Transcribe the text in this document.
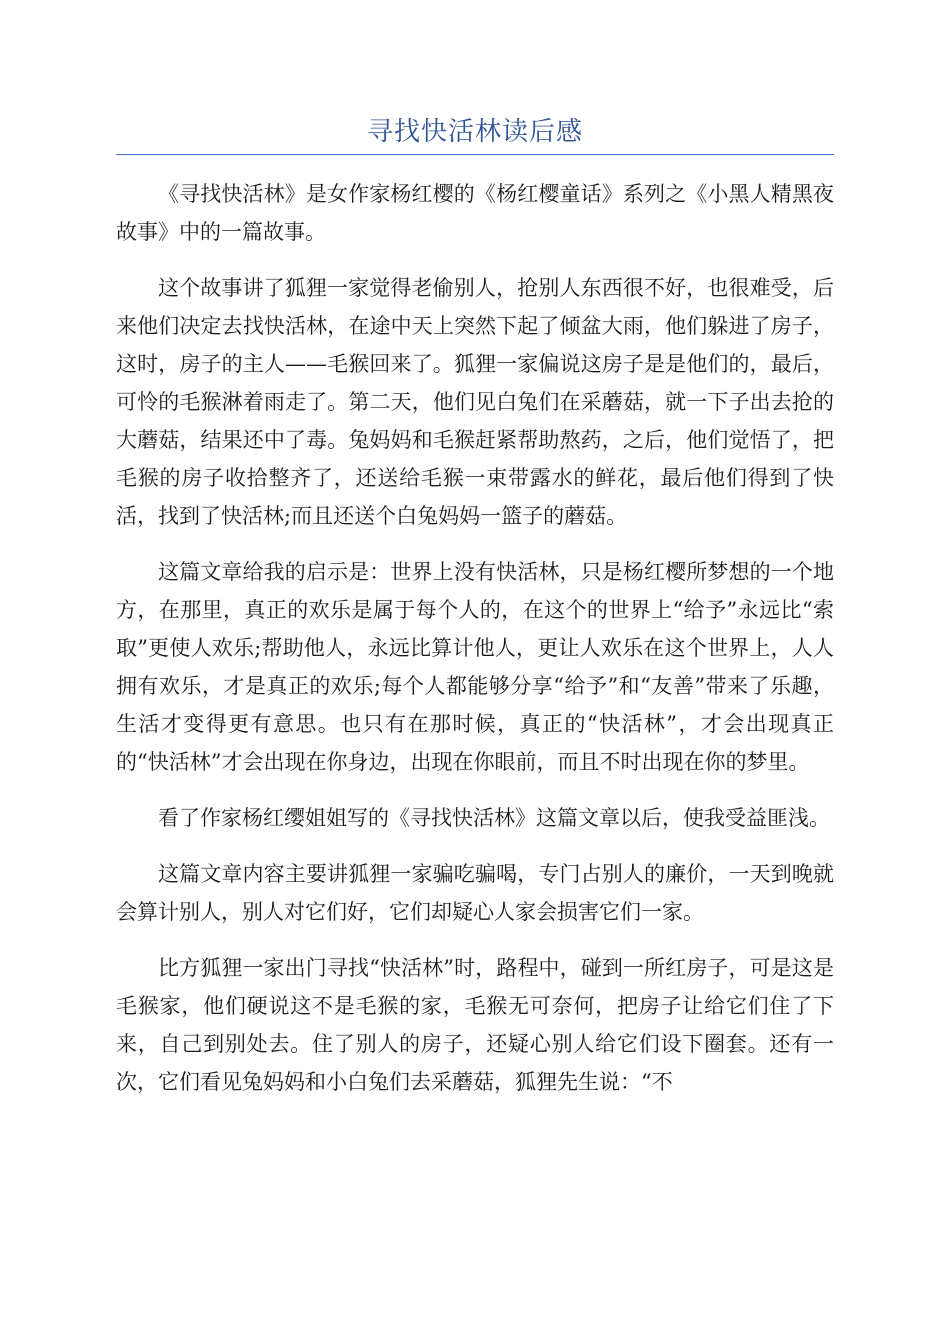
寻找快活林读后感

《寻找快活林》是女作家杨红樱的《杨红樱童话》系列之《小黑人精黑夜故事》中的一篇故事。

这个故事讲了狐狸一家觉得老偷别人，抢别人东西很不好，也很难受，后来他们决定去找快活林，在途中天上突然下起了倾盆大雨，他们躲进了房子，这时，房子的主人——毛猴回来了。狐狸一家偏说这房子是是他们的，最后，可怜的毛猴淋着雨走了。第二天，他们见白兔们在采蘑菇，就一下子出去抢的大蘑菇，结果还中了毒。兔妈妈和毛猴赶紧帮助熬药，之后，他们觉悟了，把毛猴的房子收拾整齐了，还送给毛猴一束带露水的鲜花，最后他们得到了快活，找到了快活林;而且还送个白兔妈妈一篮子的蘑菇。

这篇文章给我的启示是：世界上没有快活林，只是杨红樱所梦想的一个地方，在那里，真正的欢乐是属于每个人的，在这个的世界上“给予”永远比“索取”更使人欢乐;帮助他人，永远比算计他人，更让人欢乐在这个世界上，人人拥有欢乐，才是真正的欢乐;每个人都能够分享“给予”和“友善”带来了乐趣，生活才变得更有意思。也只有在那时候，真正的“快活林”，才会出现真正的“快活林”才会出现在你身边，出现在你眼前，而且不时出现在你的梦里。

看了作家杨红缨姐姐写的《寻找快活林》这篇文章以后，使我受益匪浅。

这篇文章内容主要讲狐狸一家骗吃骗喝，专门占别人的廉价，一天到晚就会算计别人，别人对它们好，它们却疑心人家会损害它们一家。

比方狐狸一家出门寻找“快活林”时，路程中，碰到一所红房子，可是这是毛猴家，他们硬说这不是毛猴的家，毛猴无可奈何，把房子让给它们住了下来，自己到别处去。住了别人的房子，还疑心别人给它们设下圈套。还有一次，它们看见兔妈妈和小白兔们去采蘑菇，狐狸先生说：“不
